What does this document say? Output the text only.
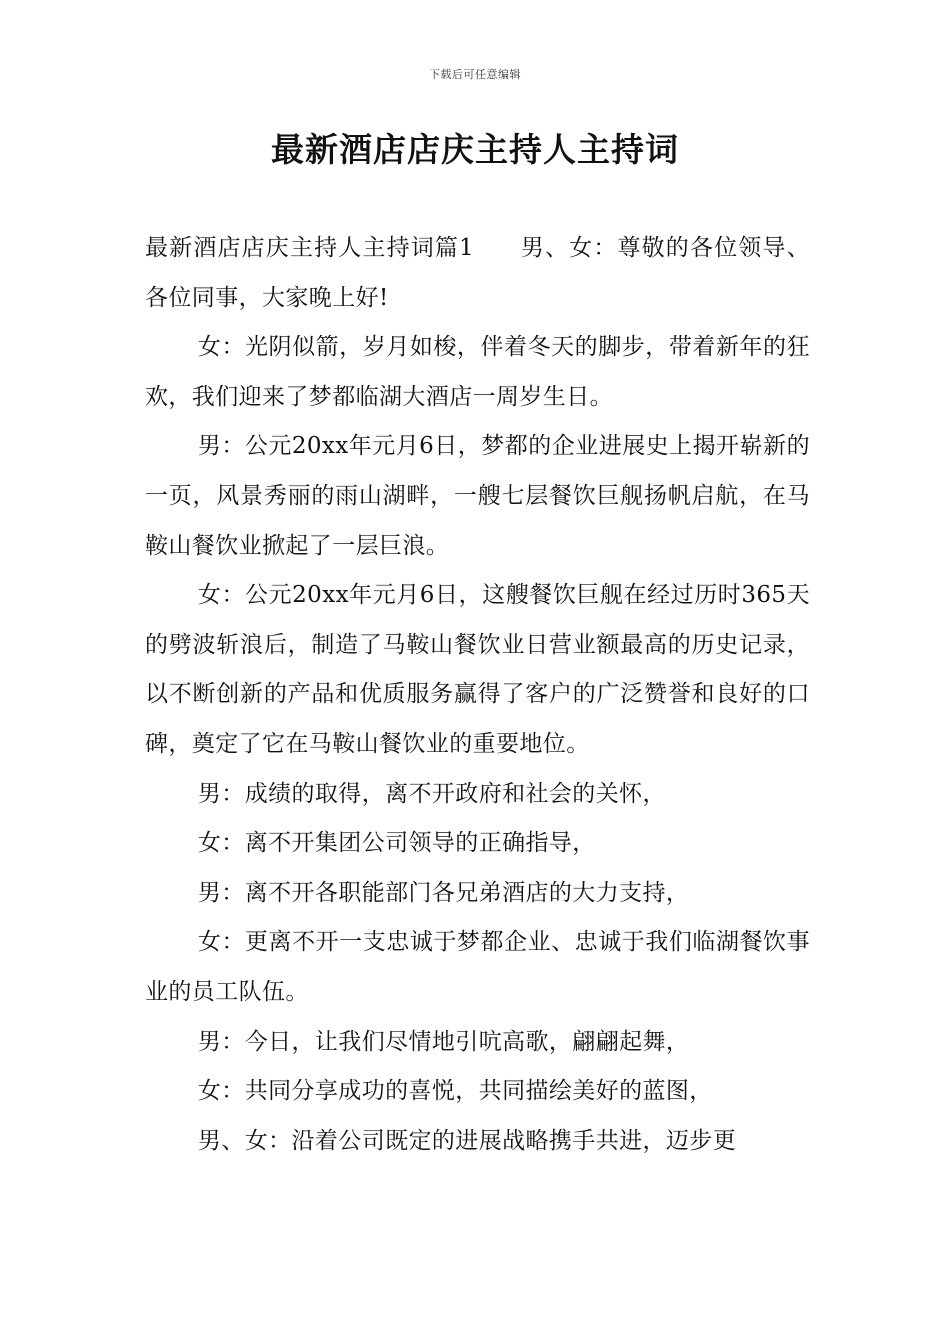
下载后可任意编辑
最新酒店店庆主持人主持词

最新酒店店庆主持人主持词篇1 男、女：尊敬的各位领导、各位同事，大家晚上好!

女：光阴似箭，岁月如梭，伴着冬天的脚步，带着新年的狂欢，我们迎来了梦都临湖大酒店一周岁生日。

男：公元20xx年元月6日，梦都的企业进展史上揭开崭新的一页，风景秀丽的雨山湖畔，一艘七层餐饮巨舰扬帆启航，在马鞍山餐饮业掀起了一层巨浪。

女：公元20xx年元月6日，这艘餐饮巨舰在经过历时365天的劈波斩浪后，制造了马鞍山餐饮业日营业额最高的历史记录，以不断创新的产品和优质服务赢得了客户的广泛赞誉和良好的口碑，奠定了它在马鞍山餐饮业的重要地位。

男：成绩的取得，离不开政府和社会的关怀，

女：离不开集团公司领导的正确指导，

男：离不开各职能部门各兄弟酒店的大力支持，

女：更离不开一支忠诚于梦都企业、忠诚于我们临湖餐饮事业的员工队伍。

男：今日，让我们尽情地引吭高歌，翩翩起舞，

女：共同分享成功的喜悦，共同描绘美好的蓝图，

男、女：沿着公司既定的进展战略携手共进，迈步更
